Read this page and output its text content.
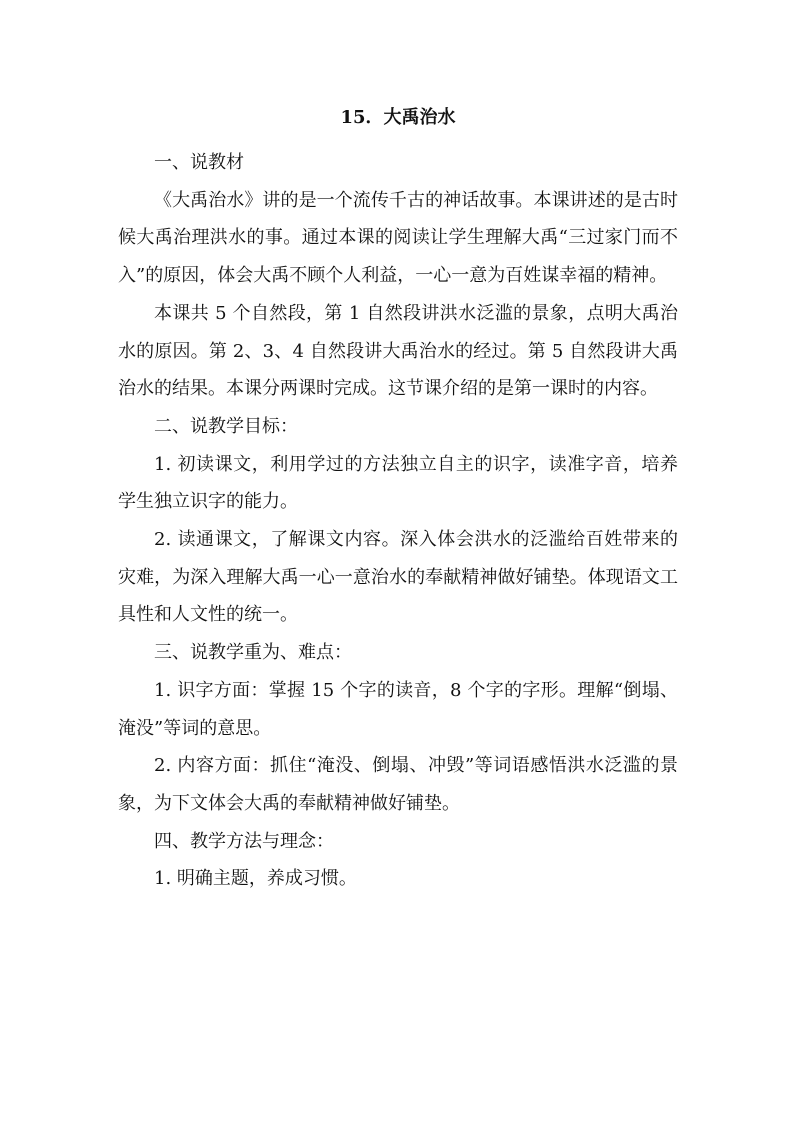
15．大禹治水

一、说教材

《大禹治水》讲的是一个流传千古的神话故事。本课讲述的是古时候大禹治理洪水的事。通过本课的阅读让学生理解大禹“三过家门而不入”的原因，体会大禹不顾个人利益，一心一意为百姓谋幸福的精神。

本课共 5 个自然段，第 1 自然段讲洪水泛滥的景象，点明大禹治水的原因。第 2、3、4 自然段讲大禹治水的经过。第 5 自然段讲大禹治水的结果。本课分两课时完成。这节课介绍的是第一课时的内容。

二、说教学目标：

1. 初读课文，利用学过的方法独立自主的识字，读准字音，培养学生独立识字的能力。

2. 读通课文，了解课文内容。深入体会洪水的泛滥给百姓带来的灾难，为深入理解大禹一心一意治水的奉献精神做好铺垫。体现语文工具性和人文性的统一。

三、说教学重为、难点：

1. 识字方面：掌握 15 个字的读音，8 个字的字形。理解“倒塌、淹没”等词的意思。

2. 内容方面：抓住“淹没、倒塌、冲毁”等词语感悟洪水泛滥的景象，为下文体会大禹的奉献精神做好铺垫。

四、教学方法与理念：

1. 明确主题，养成习惯。
